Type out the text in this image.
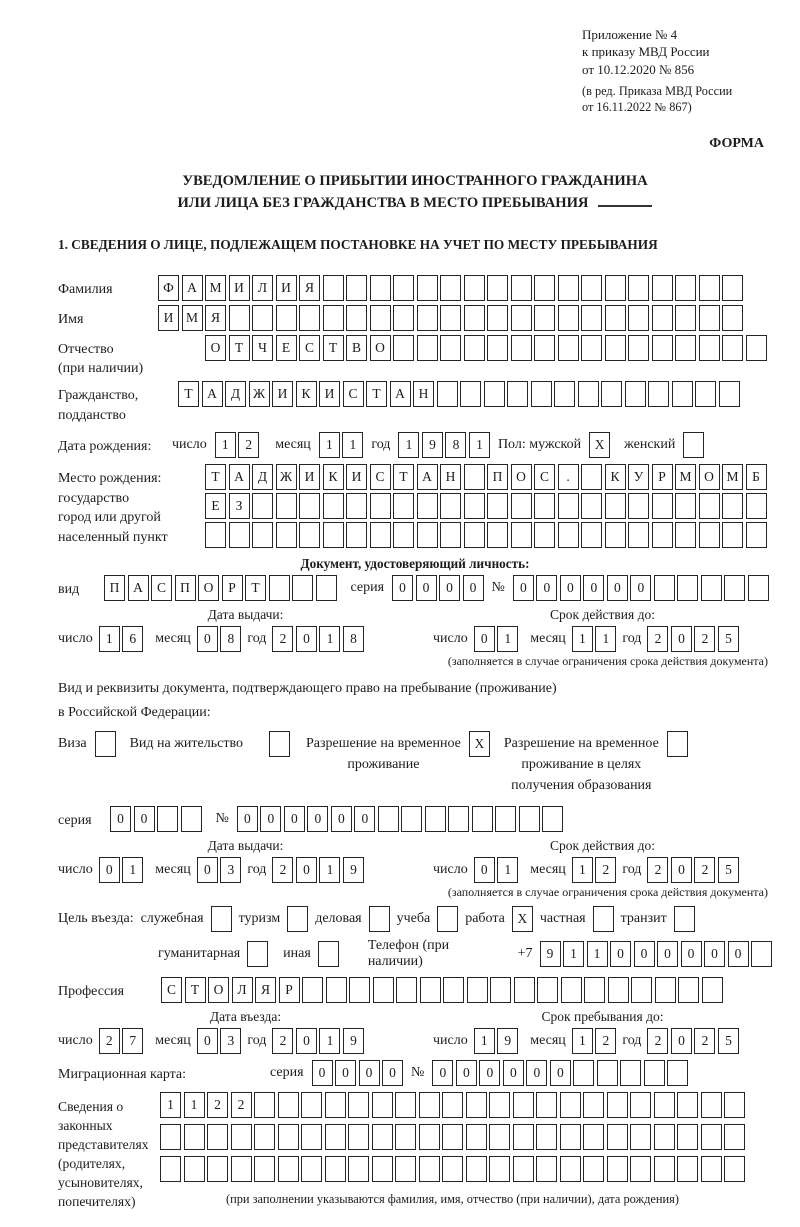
Приложение № 4
к приказу МВД России
от 10.12.2020 № 856
(в ред. Приказа МВД России
от 16.11.2022 № 867)
ФОРМА
УВЕДОМЛЕНИЕ О ПРИБЫТИИ ИНОСТРАННОГО ГРАЖДАНИНА
ИЛИ ЛИЦА БЕЗ ГРАЖДАНСТВА В МЕСТО ПРЕБЫВАНИЯ
1. СВЕДЕНИЯ О ЛИЦЕ, ПОДЛЕЖАЩЕМ ПОСТАНОВКЕ НА УЧЕТ ПО МЕСТУ ПРЕБЫВАНИЯ
Фамилия	Ф А М И	Л	И	Я
Имя	И М Я
Отчество
(при наличии)
О	Т	Ч	Е	С	Т	В	О
Гражданство,
подданство
Т	А	Д Ж И	К	И	С	Т	А	Н
Дата рождения:	число	1	2	месяц	1	1	год	1	9	8	1	Пол: мужской	X	женский
Место рождения:
государство
город или другой
населенный пункт
Т	А	Д Ж И	К	И	С	Т	А	Н	П	О	С	.	К	У	Р	М О М	Б
Е	З
Документ, удостоверяющий личность:
вид	П	А	С	П	О	Р	Т	серия	0	0	0	0	№	0	0	0	0	0	0
Дата выдачи:
число 1	6	месяц 0	8 год 2	0	1	8
Срок действия до:
число 0	1	месяц 1	1 год 2	0	2	5
(заполняется в случае ограничения срока действия документа)
Вид и реквизиты документа, подтверждающего право на пребывание (проживание)
в Российской Федерации:
Виза	Вид на жительство	Разрешение на временное
проживание
X	Разрешение на временное
проживание в целях
получения образования
серия	0	0	№	0	0	0	0	0	0
Дата выдачи:
число 0	1	месяц 0	3 год 2	0	1	9
Срок действия до:
число 0	1	месяц 1	2 год 2	0	2	5
(заполняется в случае ограничения срока действия документа)
Цель въезда: служебная	туризм	деловая	учеба	работа X частная	транзит
гуманитарная	иная
Телефон (при наличии)
+7	9	1	1	0	0	0	0	0	0
Профессия	С	Т	О	Л	Я	Р
Дата въезда:
число 2	7	месяц 0	3 год 2	0	1	9
Срок пребывания до:
число 1	9	месяц 1	2 год 2	0	2	5
Миграционная карта:	серия	0	0	0	0	№	0	0	0	0	0	0
Сведения о
законных
представителях
(родителях,
усыновителях,
попечителях)
1	1	2	2
(при заполнении указываются фамилия, имя, отчество (при наличии), дата рождения)
